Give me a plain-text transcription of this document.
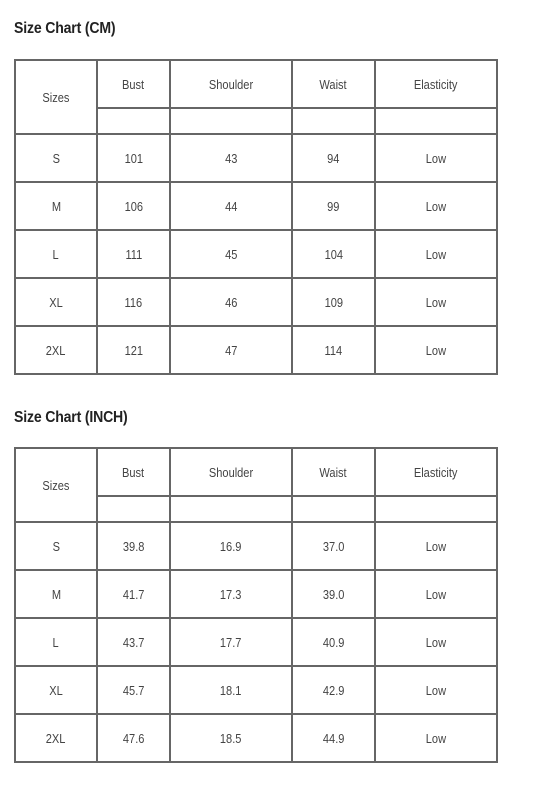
Size Chart (CM)
Sizes	Bust	Shoulder	Waist	Elasticity

S	101	43	94	Low
M	106	44	99	Low
L	111	45	104	Low
XL	116	46	109	Low
2XL	121	47	114	Low
Size Chart (INCH)
Sizes	Bust	Shoulder	Waist	Elasticity

S	39.8	16.9	37.0	Low
M	41.7	17.3	39.0	Low
L	43.7	17.7	40.9	Low
XL	45.7	18.1	42.9	Low
2XL	47.6	18.5	44.9	Low
